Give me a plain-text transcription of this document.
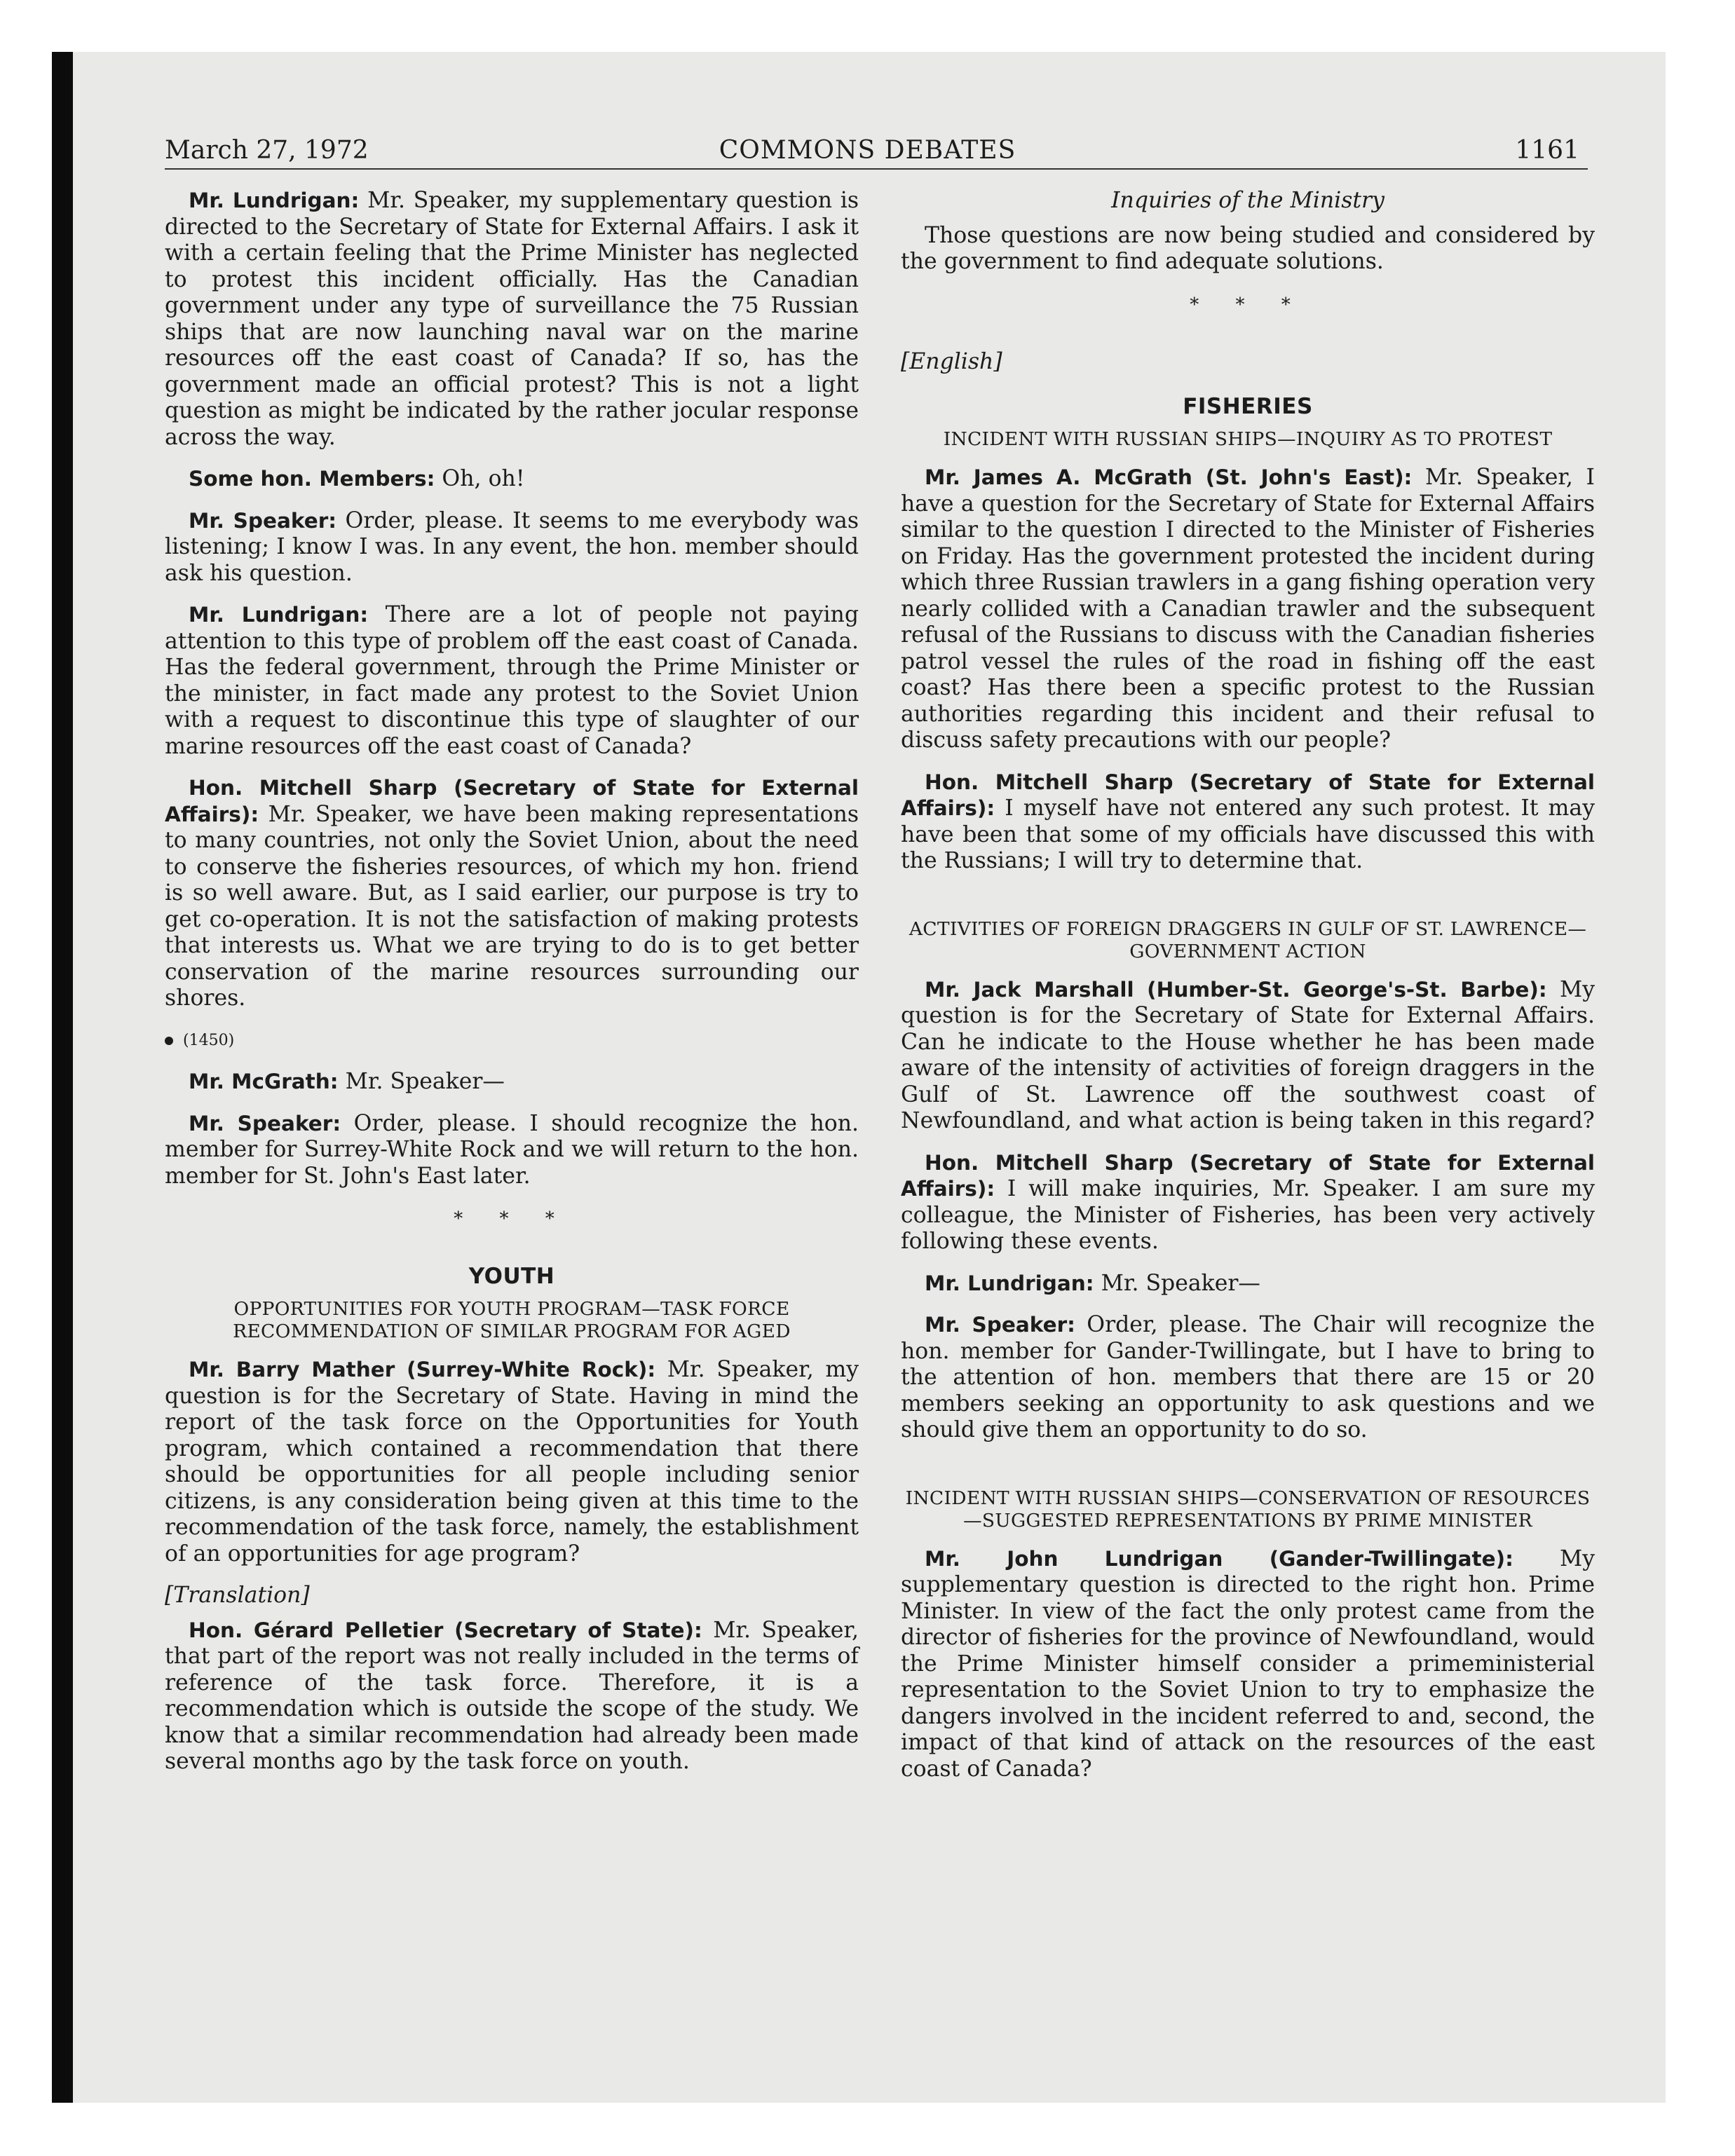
March 27, 1972	COMMONS DEBATES	1161

Mr. Lundrigan: Mr. Speaker, my supplementary question is directed to the Secretary of State for External Affairs. I ask it with a certain feeling that the Prime Minister has neglected to protest this incident officially. Has the Canadian government under any type of surveillance the 75 Russian ships that are now launching naval war on the marine resources off the east coast of Canada? If so, has the government made an official protest? This is not a light question as might be indicated by the rather jocular response across the way.

Some hon. Members: Oh, oh!

Mr. Speaker: Order, please. It seems to me everybody was listening; I know I was. In any event, the hon. member should ask his question.

Mr. Lundrigan: There are a lot of people not paying attention to this type of problem off the east coast of Canada. Has the federal government, through the Prime Minister or the minister, in fact made any protest to the Soviet Union with a request to discontinue this type of slaughter of our marine resources off the east coast of Canada?

Hon. Mitchell Sharp (Secretary of State for External Affairs): Mr. Speaker, we have been making representations to many countries, not only the Soviet Union, about the need to conserve the fisheries resources, of which my hon. friend is so well aware. But, as I said earlier, our purpose is try to get co-operation. It is not the satisfaction of making protests that interests us. What we are trying to do is to get better conservation of the marine resources surrounding our shores.

(1450)

Mr. McGrath: Mr. Speaker—

Mr. Speaker: Order, please. I should recognize the hon. member for Surrey-White Rock and we will return to the hon. member for St. John's East later.

* * *
YOUTH
OPPORTUNITIES FOR YOUTH PROGRAM—TASK FORCE RECOMMENDATION OF SIMILAR PROGRAM FOR AGED

Mr. Barry Mather (Surrey-White Rock): Mr. Speaker, my question is for the Secretary of State. Having in mind the report of the task force on the Opportunities for Youth program, which contained a recommendation that there should be opportunities for all people including senior citizens, is any consideration being given at this time to the recommendation of the task force, namely, the establishment of an opportunities for age program?

[Translation]

Hon. Gérard Pelletier (Secretary of State): Mr. Speaker, that part of the report was not really included in the terms of reference of the task force. Therefore, it is a recommendation which is outside the scope of the study. We know that a similar recommendation had already been made several months ago by the task force on youth.

Inquiries of the Ministry

Those questions are now being studied and considered by the government to find adequate solutions.

* * *
[English]
FISHERIES
INCIDENT WITH RUSSIAN SHIPS—INQUIRY AS TO PROTEST

Mr. James A. McGrath (St. John's East): Mr. Speaker, I have a question for the Secretary of State for External Affairs similar to the question I directed to the Minister of Fisheries on Friday. Has the government protested the incident during which three Russian trawlers in a gang fishing operation very nearly collided with a Canadian trawler and the subsequent refusal of the Russians to discuss with the Canadian fisheries patrol vessel the rules of the road in fishing off the east coast? Has there been a specific protest to the Russian authorities regarding this incident and their refusal to discuss safety precautions with our people?

Hon. Mitchell Sharp (Secretary of State for External Affairs): I myself have not entered any such protest. It may have been that some of my officials have discussed this with the Russians; I will try to determine that.

ACTIVITIES OF FOREIGN DRAGGERS IN GULF OF ST. LAWRENCE—GOVERNMENT ACTION

Mr. Jack Marshall (Humber-St. George's-St. Barbe): My question is for the Secretary of State for External Affairs. Can he indicate to the House whether he has been made aware of the intensity of activities of foreign draggers in the Gulf of St. Lawrence off the southwest coast of Newfoundland, and what action is being taken in this regard?

Hon. Mitchell Sharp (Secretary of State for External Affairs): I will make inquiries, Mr. Speaker. I am sure my colleague, the Minister of Fisheries, has been very actively following these events.

Mr. Lundrigan: Mr. Speaker—

Mr. Speaker: Order, please. The Chair will recognize the hon. member for Gander-Twillingate, but I have to bring to the attention of hon. members that there are 15 or 20 members seeking an opportunity to ask questions and we should give them an opportunity to do so.

INCIDENT WITH RUSSIAN SHIPS—CONSERVATION OF RESOURCES—SUGGESTED REPRESENTATIONS BY PRIME MINISTER

Mr. John Lundrigan (Gander-Twillingate): My supplementary question is directed to the right hon. Prime Minister. In view of the fact the only protest came from the director of fisheries for the province of Newfoundland, would the Prime Minister himself consider a primeministerial representation to the Soviet Union to try to emphasize the dangers involved in the incident referred to and, second, the impact of that kind of attack on the resources of the east coast of Canada?
